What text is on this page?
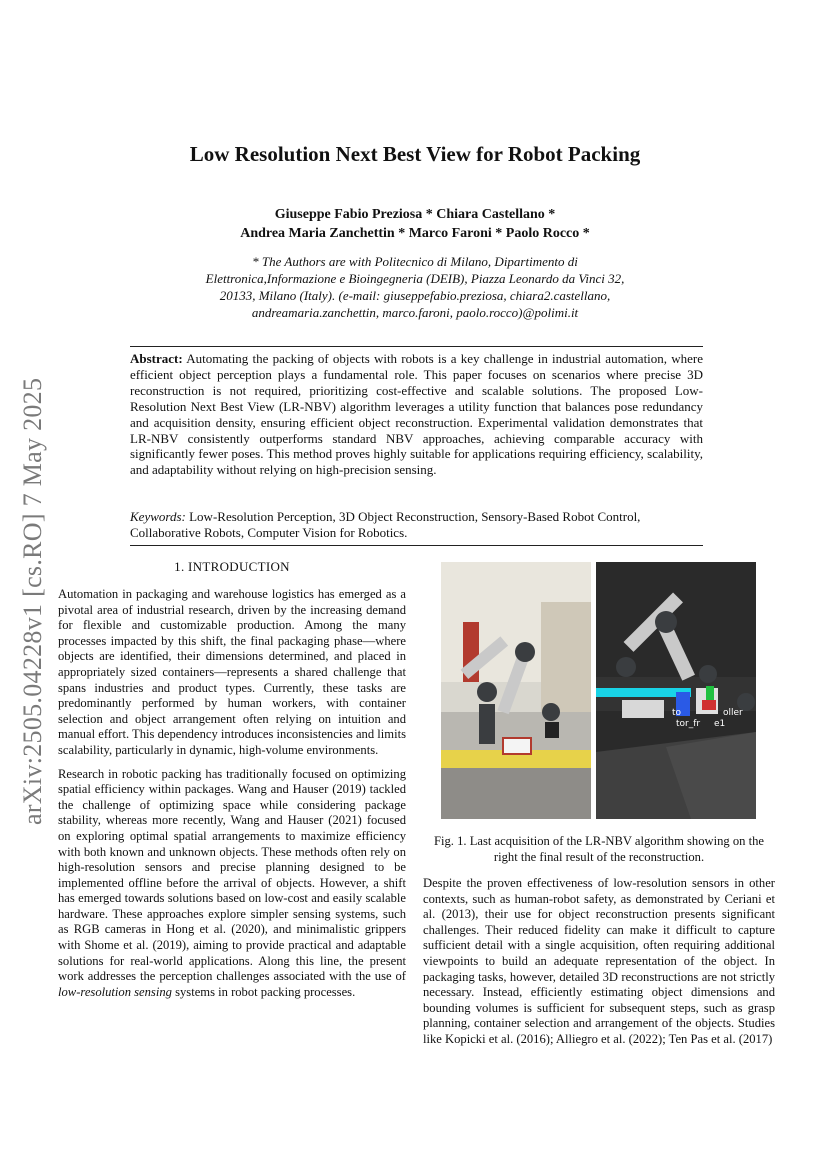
arXiv:2505.04228v1 [cs.RO] 7 May 2025
Low Resolution Next Best View for Robot Packing
Giuseppe Fabio Preziosa * Chiara Castellano *
Andrea Maria Zanchettin * Marco Faroni * Paolo Rocco *
* The Authors are with Politecnico di Milano, Dipartimento di Elettronica,Informazione e Bioingegneria (DEIB), Piazza Leonardo da Vinci 32, 20133, Milano (Italy). (e-mail: giuseppefabio.preziosa, chiara2.castellano, andreamaria.zanchettin, marco.faroni, paolo.rocco)@polimi.it
Abstract: Automating the packing of objects with robots is a key challenge in industrial automation, where efficient object perception plays a fundamental role. This paper focuses on scenarios where precise 3D reconstruction is not required, prioritizing cost-effective and scalable solutions. The proposed Low-Resolution Next Best View (LR-NBV) algorithm leverages a utility function that balances pose redundancy and acquisition density, ensuring efficient object reconstruction. Experimental validation demonstrates that LR-NBV consistently outperforms standard NBV approaches, achieving comparable accuracy with significantly fewer poses. This method proves highly suitable for applications requiring efficiency, scalability, and adaptability without relying on high-precision sensing.
Keywords: Low-Resolution Perception, 3D Object Reconstruction, Sensory-Based Robot Control, Collaborative Robots, Computer Vision for Robotics.
1. INTRODUCTION

Automation in packaging and warehouse logistics has emerged as a pivotal area of industrial research, driven by the increasing demand for flexible and customizable production. Among the many processes impacted by this shift, the final packaging phase—where objects are identified, their dimensions determined, and placed in appropriately sized containers—represents a shared challenge that spans industries and product types. Currently, these tasks are predominantly performed by human workers, with container selection and object arrangement often relying on intuition and manual effort. This dependency introduces inconsistencies and limits scalability, particularly in dynamic, high-volume environments.

Research in robotic packing has traditionally focused on optimizing spatial efficiency within packages. Wang and Hauser (2019) tackled the challenge of optimizing space while considering package stability, whereas more recently, Wang and Hauser (2021) focused on exploring optimal spatial arrangements to maximize efficiency with both known and unknown objects. These methods often rely on high-resolution sensors and precise planning designed to be implemented offline before the arrival of objects. However, a shift has emerged towards solutions based on low-cost and easily scalable hardware. These approaches explore simpler sensing systems, such as RGB cameras in Hong et al. (2020), and minimalistic grippers with Shome et al. (2019), aiming to provide practical and adaptable solutions for real-world applications. Along this line, the present work addresses the perception challenges associated with the use of low-resolution sensing systems in robot packing processes.

to	oller
tor_fr e1
Fig. 1. Last acquisition of the LR-NBV algorithm showing on the right the final result of the reconstruction.

Despite the proven effectiveness of low-resolution sensors in other contexts, such as human-robot safety, as demonstrated by Ceriani et al. (2013), their use for object reconstruction presents significant challenges. Their reduced fidelity can make it difficult to capture sufficient detail with a single acquisition, often requiring additional viewpoints to build an adequate representation of the object. In packaging tasks, however, detailed 3D reconstructions are not strictly necessary. Instead, efficiently estimating object dimensions and bounding volumes is sufficient for subsequent steps, such as grasp planning, container selection and arrangement of the objects. Studies like Kopicki et al. (2016); Alliegro et al. (2022); Ten Pas et al. (2017)
